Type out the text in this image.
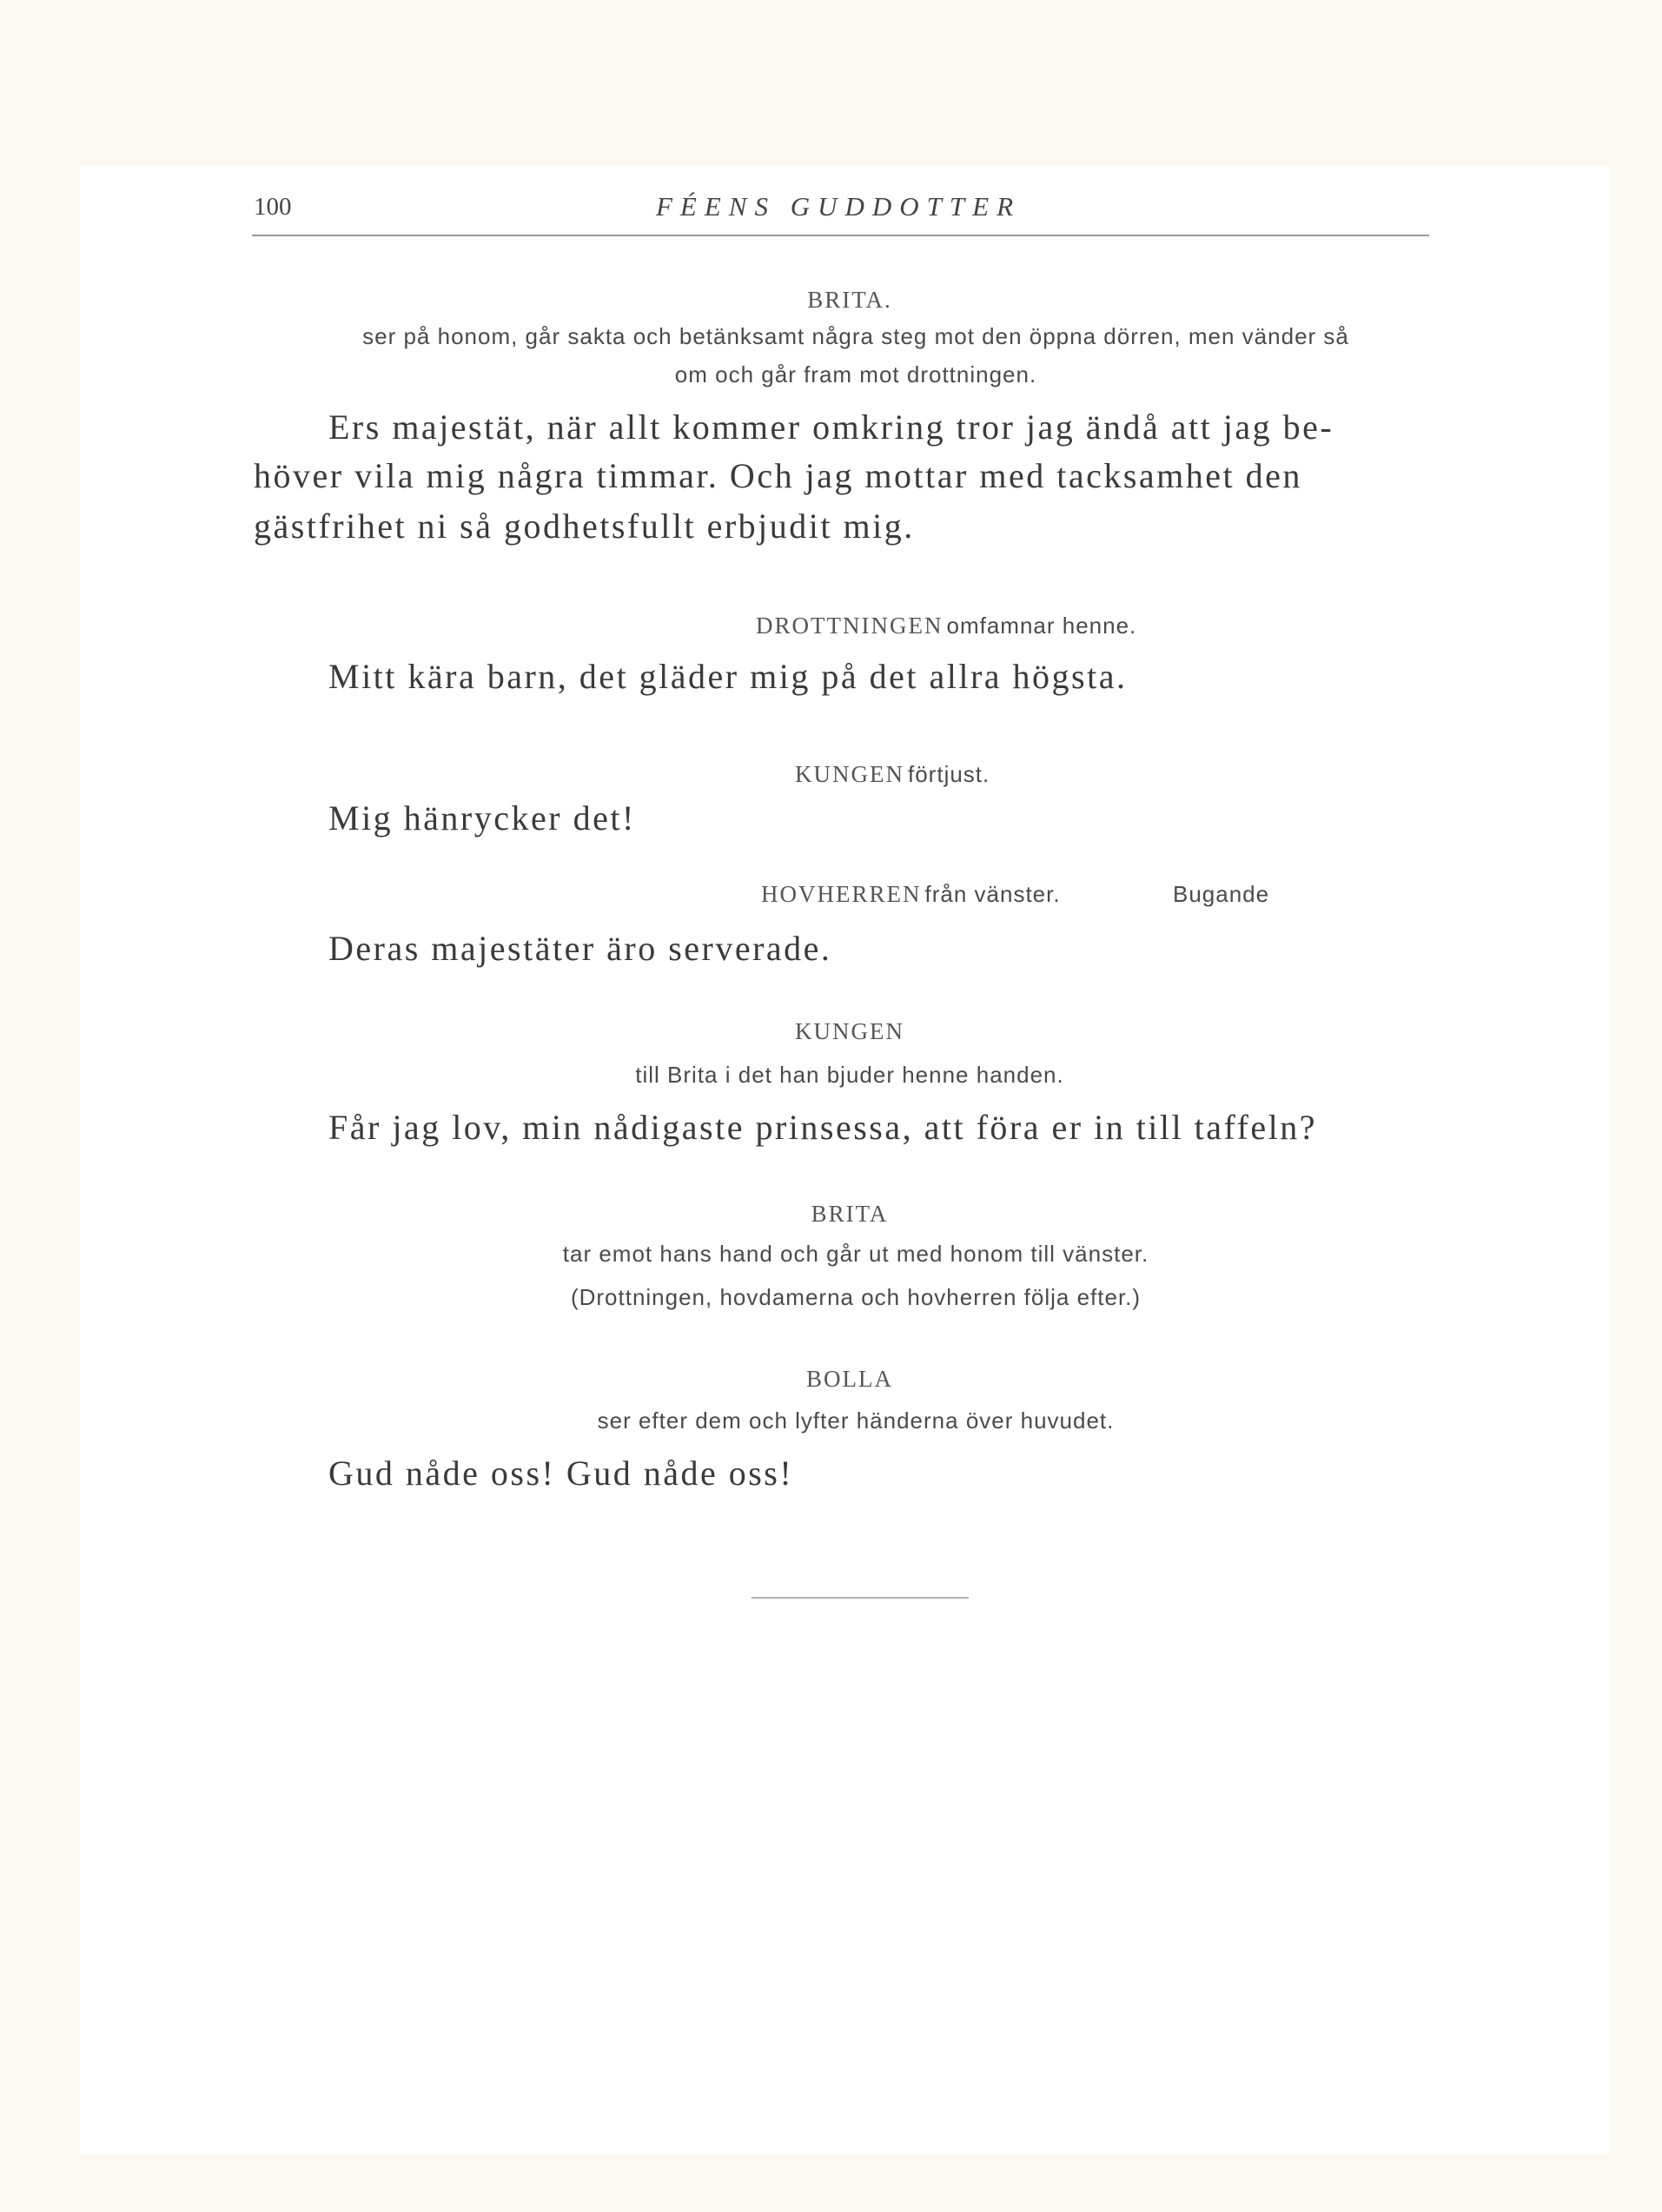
100	FÉENS GUDDOTTER
BRITA.
ser på honom, går sakta och betänksamt några steg mot den öppna dörren, men vänder så
om och går fram mot drottningen.
Ers majestät, när allt kommer omkring tror jag ändå att jag be-
höver vila mig några timmar. Och jag mottar med tacksamhet den
gästfrihet ni så godhetsfullt erbjudit mig.
DROTTNINGEN omfamnar henne.
Mitt kära barn, det gläder mig på det allra högsta.
KUNGEN förtjust.
Mig hänrycker det!
HOVHERREN från vänster.	Bugande
Deras majestäter äro serverade.
KUNGEN
till Brita i det han bjuder henne handen.
Får jag lov, min nådigaste prinsessa, att föra er in till taffeln?
BRITA
tar emot hans hand och går ut med honom till vänster.
(Drottningen, hovdamerna och hovherren följa efter.)
BOLLA
ser efter dem och lyfter händerna över huvudet.
Gud nåde oss! Gud nåde oss!
